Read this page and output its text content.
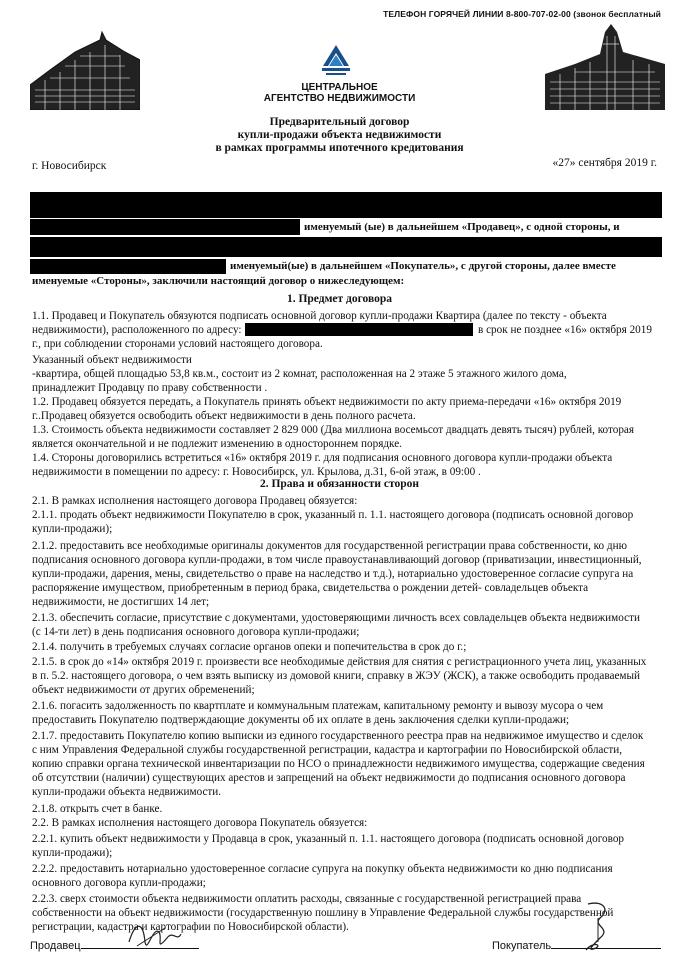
ТЕЛЕФОН ГОРЯЧЕЙ ЛИНИИ 8-800-707-02-00 (звонок бесплатный
ЦЕНТРАЛЬНОЕ
АГЕНТСТВО НЕДВИЖИМОСТИ
Предварительный договор
купли-продажи объекта недвижимости
в рамках программы ипотечного кредитования
г. Новосибирск	«27» сентября 2019 г.
именуемый (ые) в дальнейшем «Продавец», с одной стороны, и
именуемый(ые) в дальнейшем «Покупатель», с другой стороны, далее вместе
именуемые «Стороны», заключили настоящий договор о нижеследующем:
1. Предмет договора
1.1. Продавец и Покупатель обязуются подписать основной договор купли-продажи Квартира (далее по тексту - объекта
недвижимости), расположенного по адресу:	в срок не позднее «16» октября 2019
г., при соблюдении сторонами условий настоящего договора.
Указанный объект недвижимости
-квартира, общей площадью 53,8 кв.м., состоит из 2 комнат, расположенная на 2 этаже 5 этажного жилого дома,
принадлежит Продавцу по праву собственности .
1.2. Продавец обязуется передать, а Покупатель принять объект недвижимости по акту приема-передачи «16» октября 2019
г..Продавец обязуется освободить объект недвижимости в день полного расчета.
1.3. Стоимость объекта недвижимости составляет 2 829 000 (Два миллиона восемьсот двадцать девять тысяч) рублей, которая
являетcя окончательной и не подлежит изменению в одностороннем порядке.
1.4. Стороны договорились встретиться «16» октября 2019 г. для подписания основного договора купли-продажи объекта
недвижимости в помещении по адресу: г. Новосибирск, ул. Крылова, д.31, 6-ой этаж, в 09:00 .
2. Права и обязанности сторон
2.1. В рамках исполнения настоящего договора Продавец обязуется:
2.1.1. продать объект недвижимости Покупателю в срок, указанный п. 1.1. настоящего договора (подписать основной договор
купли-продажи);
2.1.2. предоставить все необходимые оригиналы документов для государственной регистрации права собственности, ко дню
подписания основного договора купли-продажи, в том числе правоустанавливающий договор (приватизации, инвестиционный,
купли-продажи, дарения, мены, свидетельство о праве на наследство и т.д.), нотариально удостоверенное согласие супруга на
распоряжение имуществом, приобретенным в период брака, свидетельства о рождении детей- совладельцев объекта
недвижимости, не достигших 14 лет;
2.1.3. обеспечить согласие, присутствие с документами, удостоверяющими личность всех совладельцев объекта недвижимости
(с 14-ти лет) в день подписания основного договора купли-продажи;
2.1.4. получить в требуемых случаях согласие органов опеки и попечительства в срок до г.;
2.1.5. в срок до «14» октября 2019 г. произвести все необходимые действия для снятия с регистрационного учета лиц, указанных
в п. 5.2. настоящего договора, о чем взять выписку из домовой книги, справку в ЖЭУ (ЖСК), а также освободить продаваемый
объект недвижимости от других обременений;
2.1.6. погасить задолженность по квартплате и коммунальным платежам, капитальному ремонту и вывозу мусора о чем
предоставить Покупателю подтверждающие документы об их оплате в день заключения сделки купли-продажи;
2.1.7. предоставить Покупателю копию выписки из единого государственного реестра прав на недвижимое имущество и сделок
с ним Управления Федеральной службы государственной регистрации, кадастра и картографии по Новосибирской области,
копию справки органа технической инвентаризации по НСО о принадлежности недвижимого имущества, содержащие сведения
об отсутствии (наличии) существующих арестов и запрещений на объект недвижимости до подписания основного договора
купли-продажи объекта недвижимости.
2.1.8. открыть счет в банке.
2.2. В рамках исполнения настоящего договора Покупатель обязуется:
2.2.1. купить объект недвижимости у Продавца в срок, указанный п. 1.1. настоящего договора (подписать основной договор
купли-продажи);
2.2.2. предоставить нотариально удостоверенное согласие супруга на покупку объекта недвижимости ко дню подписания
основного договора купли-продажи;
2.2.3. сверх стоимости объекта недвижимости оплатить расходы, связанные с государственной регистрацией права
собственности на объект недвижимости (государственную пошлину в Управление Федеральной службы государственной
регистрации, кадастра и картографии по Новосибирской области).
Продавец	Покупатель
